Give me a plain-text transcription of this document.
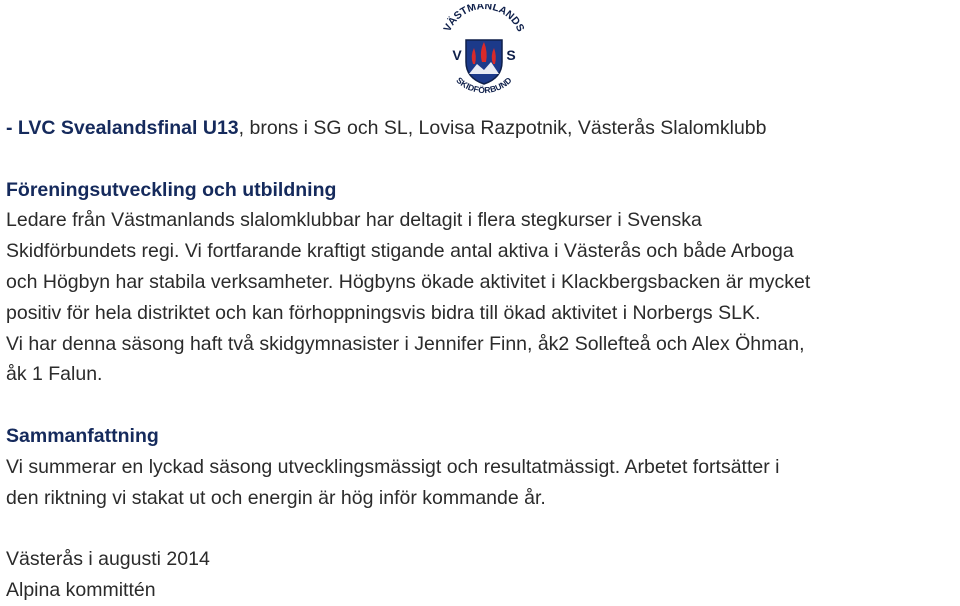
VÄSTMANLANDS
SKIDFÖRBUND
V	S

- LVC Svealandsfinal U13, brons i SG och SL, Lovisa Razpotnik, Västerås Slalomklubb

Föreningsutveckling och utbildning

Ledare från Västmanlands slalomklubbar har deltagit i flera stegkurser i Svenska

Skidförbundets regi. Vi fortfarande kraftigt stigande antal aktiva i Västerås och både Arboga

och Högbyn har stabila verksamheter. Högbyns ökade aktivitet i Klackbergsbacken är mycket

positiv för hela distriktet och kan förhoppningsvis bidra till ökad aktivitet i Norbergs SLK.

Vi har denna säsong haft två skidgymnasister i Jennifer Finn, åk2 Sollefteå och Alex Öhman,

åk 1 Falun.

Sammanfattning

Vi summerar en lyckad säsong utvecklingsmässigt och resultatmässigt. Arbetet fortsätter i

den riktning vi stakat ut och energin är hög inför kommande år.

Västerås i augusti 2014

Alpina kommittén
